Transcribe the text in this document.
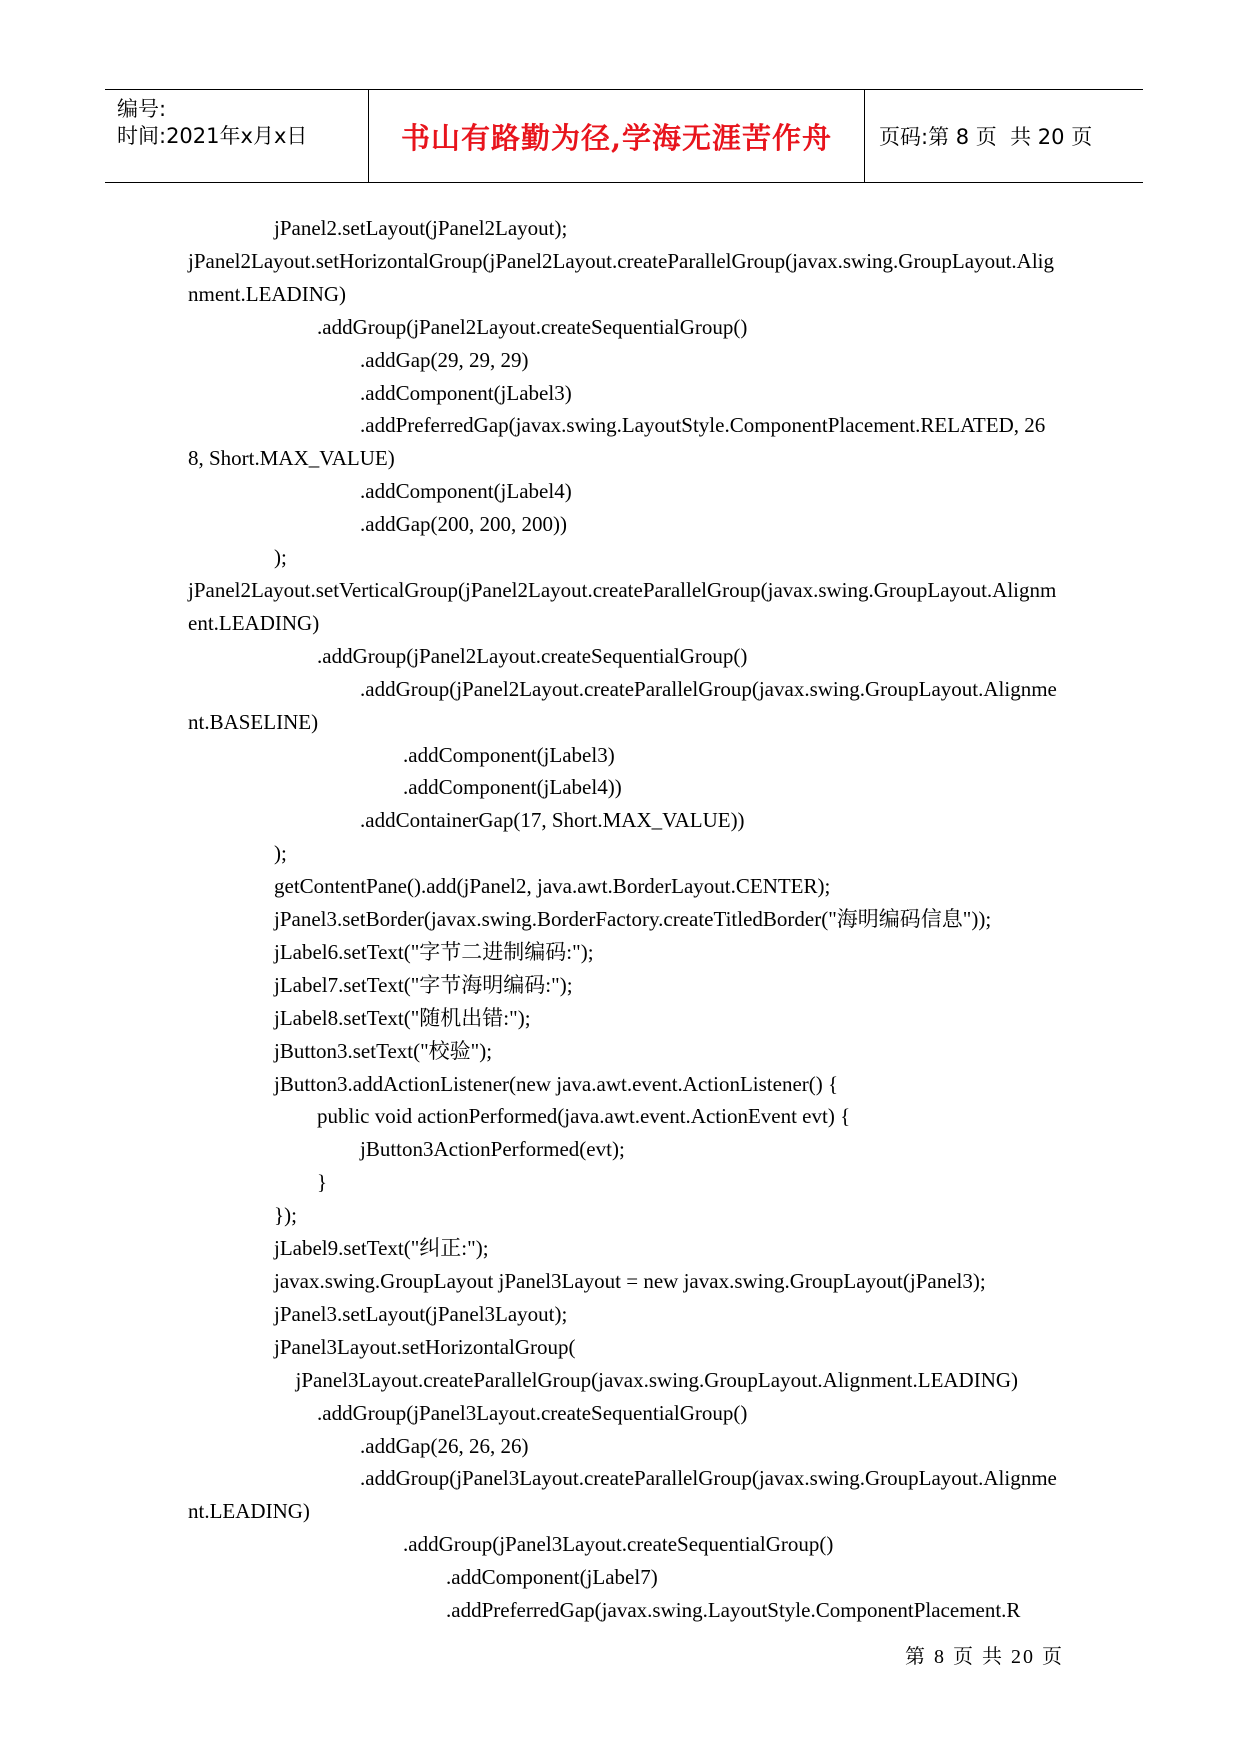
编号:
时间:2021年x月x日	书山有路勤为径,学海无涯苦作舟	页码:第 8 页  共 20 页
jPanel2.setLayout(jPanel2Layout);
jPanel2Layout.setHorizontalGroup(jPanel2Layout.createParallelGroup(javax.swing.GroupLayout.Alignment.LEADING)
.addGroup(jPanel2Layout.createSequentialGroup()
.addGap(29, 29, 29)
.addComponent(jLabel3)
.addPreferredGap(javax.swing.LayoutStyle.ComponentPlacement.RELATED, 268, Short.MAX_VALUE)
.addComponent(jLabel4)
.addGap(200, 200, 200))
);
jPanel2Layout.setVerticalGroup(jPanel2Layout.createParallelGroup(javax.swing.GroupLayout.Alignment.LEADING)
.addGroup(jPanel2Layout.createSequentialGroup()
.addGroup(jPanel2Layout.createParallelGroup(javax.swing.GroupLayout.Alignment.BASELINE)
.addComponent(jLabel3)
.addComponent(jLabel4))
.addContainerGap(17, Short.MAX_VALUE))
);
getContentPane().add(jPanel2, java.awt.BorderLayout.CENTER);
jPanel3.setBorder(javax.swing.BorderFactory.createTitledBorder("海明编码信息"));
jLabel6.setText("字节二进制编码:");
jLabel7.setText("字节海明编码:");
jLabel8.setText("随机出错:");
jButton3.setText("校验");
jButton3.addActionListener(new java.awt.event.ActionListener() {
public void actionPerformed(java.awt.event.ActionEvent evt) {
jButton3ActionPerformed(evt);
}
});
jLabel9.setText("纠正:");
javax.swing.GroupLayout jPanel3Layout = new javax.swing.GroupLayout(jPanel3);
jPanel3.setLayout(jPanel3Layout);
jPanel3Layout.setHorizontalGroup(
jPanel3Layout.createParallelGroup(javax.swing.GroupLayout.Alignment.LEADING)
.addGroup(jPanel3Layout.createSequentialGroup()
.addGap(26, 26, 26)
.addGroup(jPanel3Layout.createParallelGroup(javax.swing.GroupLayout.Alignment.LEADING)
.addGroup(jPanel3Layout.createSequentialGroup()
.addComponent(jLabel7)
.addPreferredGap(javax.swing.LayoutStyle.ComponentPlacement.R
第 8 页 共 20 页
